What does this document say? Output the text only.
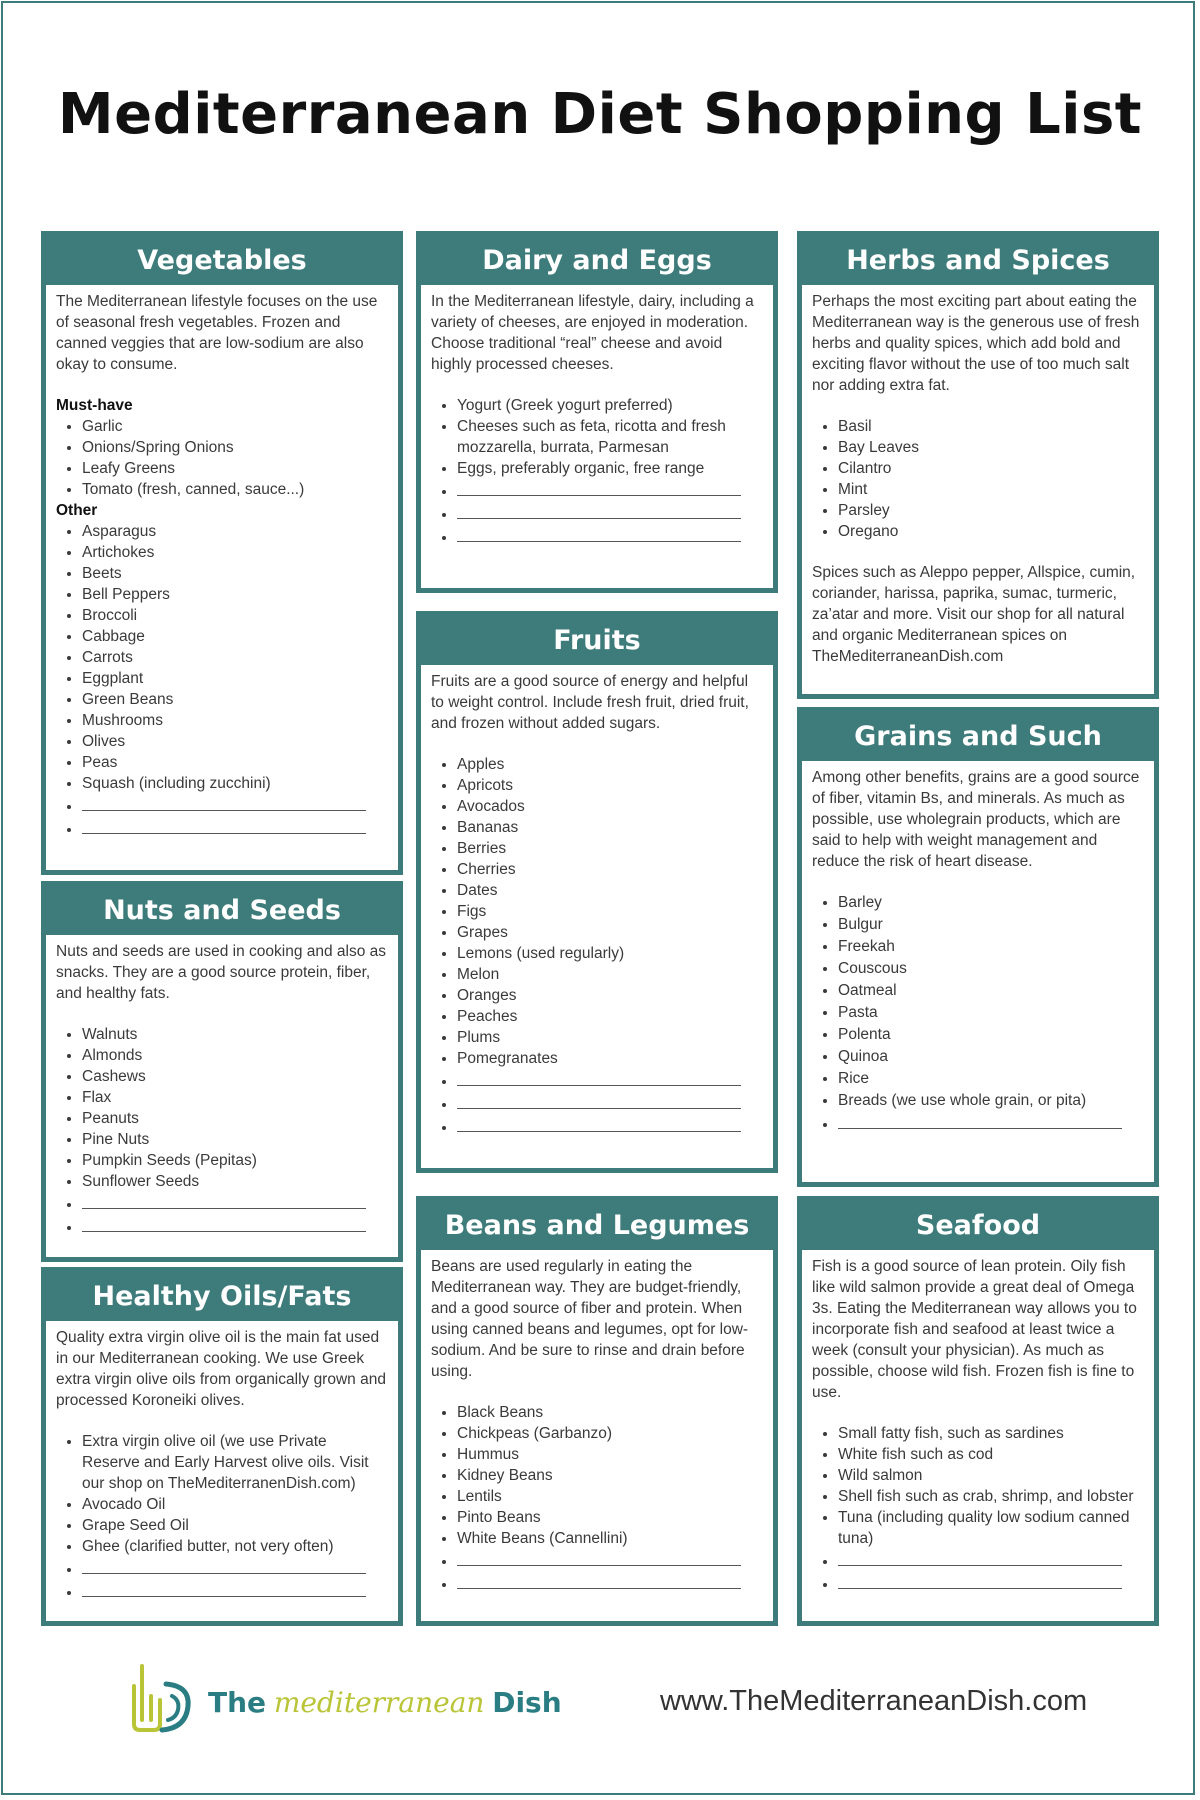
Mediterranean Diet Shopping List
Vegetables

The Mediterranean lifestyle focuses on the use of seasonal fresh vegetables. Frozen and canned veggies that are low-sodium are also okay to consume.

Must-have

• Garlic
• Onions/Spring Onions
• Leafy Greens
• Tomato (fresh, canned, sauce...)

Other

• Asparagus
• Artichokes
• Beets
• Bell Peppers
• Broccoli
• Cabbage
• Carrots
• Eggplant
• Green Beans
• Mushrooms
• Olives
• Peas
• Squash (including zucchini)
•
•
Nuts and Seeds

Nuts and seeds are used in cooking and also as snacks. They are a good source protein, fiber, and healthy fats.

• Walnuts
• Almonds
• Cashews
• Flax
• Peanuts
• Pine Nuts
• Pumpkin Seeds (Pepitas)
• Sunflower Seeds
•
•
Healthy Oils/Fats

Quality extra virgin olive oil is the main fat used in our Mediterranean cooking. We use Greek extra virgin olive oils from organically grown and processed Koroneiki olives.

• Extra virgin olive oil (we use Private Reserve and Early Harvest olive oils. Visit our shop on TheMediterranenDish.com)
• Avocado Oil
• Grape Seed Oil
• Ghee (clarified butter, not very often)
•
•
Dairy and Eggs

In the Mediterranean lifestyle, dairy, including a variety of cheeses, are enjoyed in moderation. Choose traditional “real” cheese and avoid highly processed cheeses.

• Yogurt (Greek yogurt preferred)
• Cheeses such as feta, ricotta and fresh mozzarella, burrata, Parmesan
• Eggs, preferably organic, free range
•
•
•
Fruits

Fruits are a good source of energy and helpful to weight control. Include fresh fruit, dried fruit, and frozen without added sugars.

• Apples
• Apricots
• Avocados
• Bananas
• Berries
• Cherries
• Dates
• Figs
• Grapes
• Lemons (used regularly)
• Melon
• Oranges
• Peaches
• Plums
• Pomegranates
•
•
•
Beans and Legumes

Beans are used regularly in eating the Mediterranean way. They are budget-friendly, and a good source of fiber and protein. When using canned beans and legumes, opt for low-sodium. And be sure to rinse and drain before using.

• Black Beans
• Chickpeas (Garbanzo)
• Hummus
• Kidney Beans
• Lentils
• Pinto Beans
• White Beans (Cannellini)
•
•
Herbs and Spices

Perhaps the most exciting part about eating the Mediterranean way is the generous use of fresh herbs and quality spices, which add bold and exciting flavor without the use of too much salt nor adding extra fat.

• Basil
• Bay Leaves
• Cilantro
• Mint
• Parsley
• Oregano

Spices such as Aleppo pepper, Allspice, cumin, coriander, harissa, paprika, sumac, turmeric, za’atar and more. Visit our shop for all natural and organic Mediterranean spices on TheMediterraneanDish.com

Grains and Such

Among other benefits, grains are a good source of fiber, vitamin Bs, and minerals. As much as possible, use wholegrain products, which are said to help with weight management and reduce the risk of heart disease.

• Barley
• Bulgur
• Freekah
• Couscous
• Oatmeal
• Pasta
• Polenta
• Quinoa
• Rice
• Breads (we use whole grain, or pita)
•
Seafood

Fish is a good source of lean protein. Oily fish like wild salmon provide a great deal of Omega 3s. Eating the Mediterranean way allows you to incorporate fish and seafood at least twice a week (consult your physician). As much as possible, choose wild fish. Frozen fish is fine to use.

• Small fatty fish, such as sardines
• White fish such as cod
• Wild salmon
• Shell fish such as crab, shrimp, and lobster
• Tuna (including quality low sodium canned tuna)
•
•
The mediterranean Dish	www.TheMediterraneanDish.com
